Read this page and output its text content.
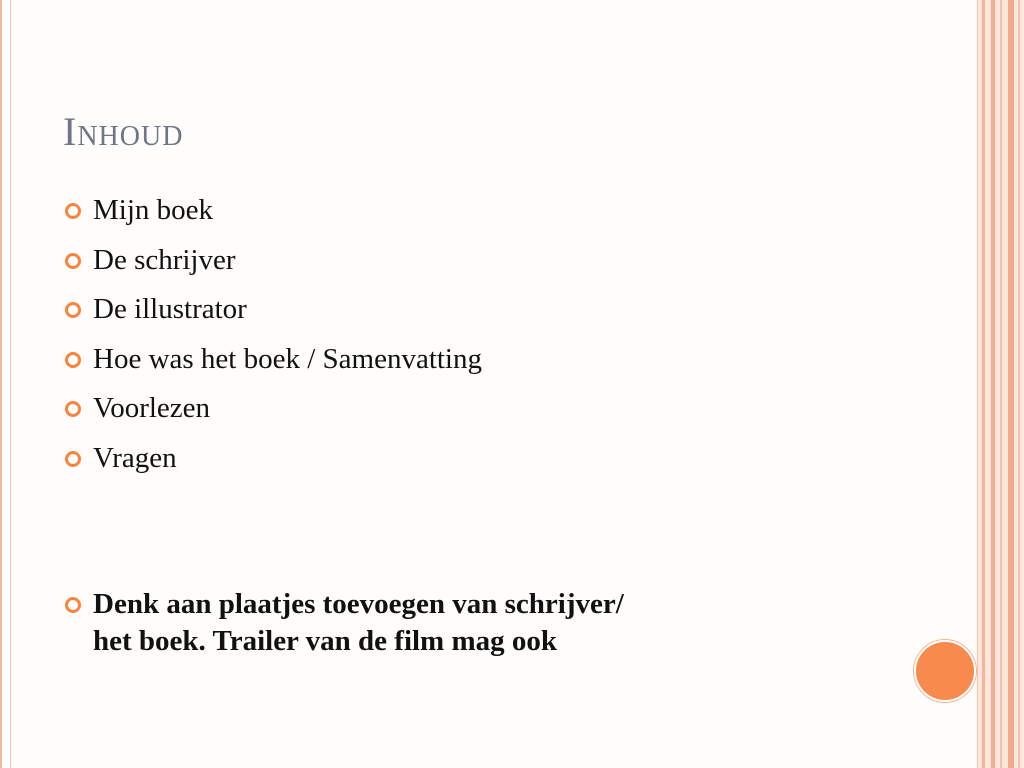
Inhoud
Mijn boek
De schrijver
De illustrator
Hoe was het boek / Samenvatting
Voorlezen
Vragen
Denk aan plaatjes toevoegen van schrijver/
het boek. Trailer van de film mag ook
